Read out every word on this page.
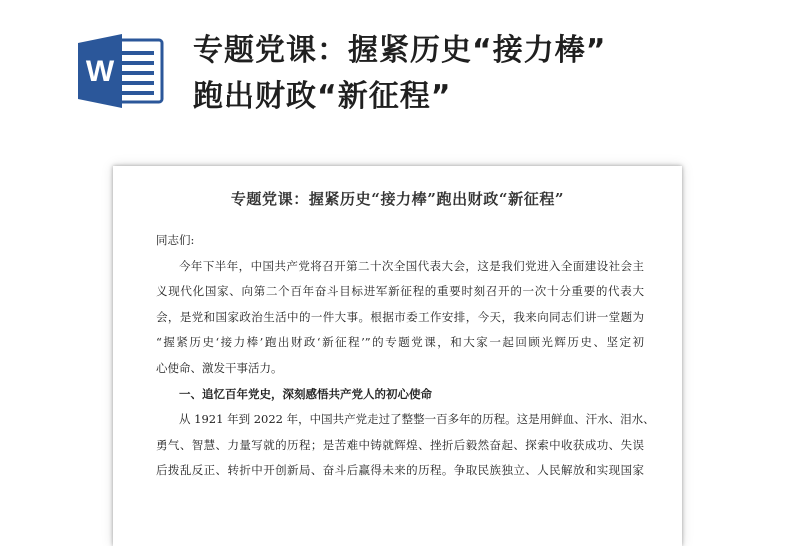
W
专题党课：握紧历史“接力棒”
跑出财政“新征程”
专题党课：握紧历史“接力棒”跑出财政“新征程”

同志们:

今年下半年，中国共产党将召开第二十次全国代表大会，这是我们党进入全面建设社会主

义现代化国家、向第二个百年奋斗目标进军新征程的重要时刻召开的一次十分重要的代表大

会，是党和国家政治生活中的一件大事。根据市委工作安排，今天，我来向同志们讲一堂题为

“握紧历史‘接力棒’跑出财政‘新征程’”的专题党课，和大家一起回顾光辉历史、坚定初

心使命、激发干事活力。

一、追忆百年党史，深刻感悟共产党人的初心使命

从 1921 年到 2022 年，中国共产党走过了整整一百多年的历程。这是用鲜血、汗水、泪水、

勇气、智慧、力量写就的历程；是苦难中铸就辉煌、挫折后毅然奋起、探索中收获成功、失误

后拨乱反正、转折中开创新局、奋斗后赢得未来的历程。争取民族独立、人民解放和实现国家
